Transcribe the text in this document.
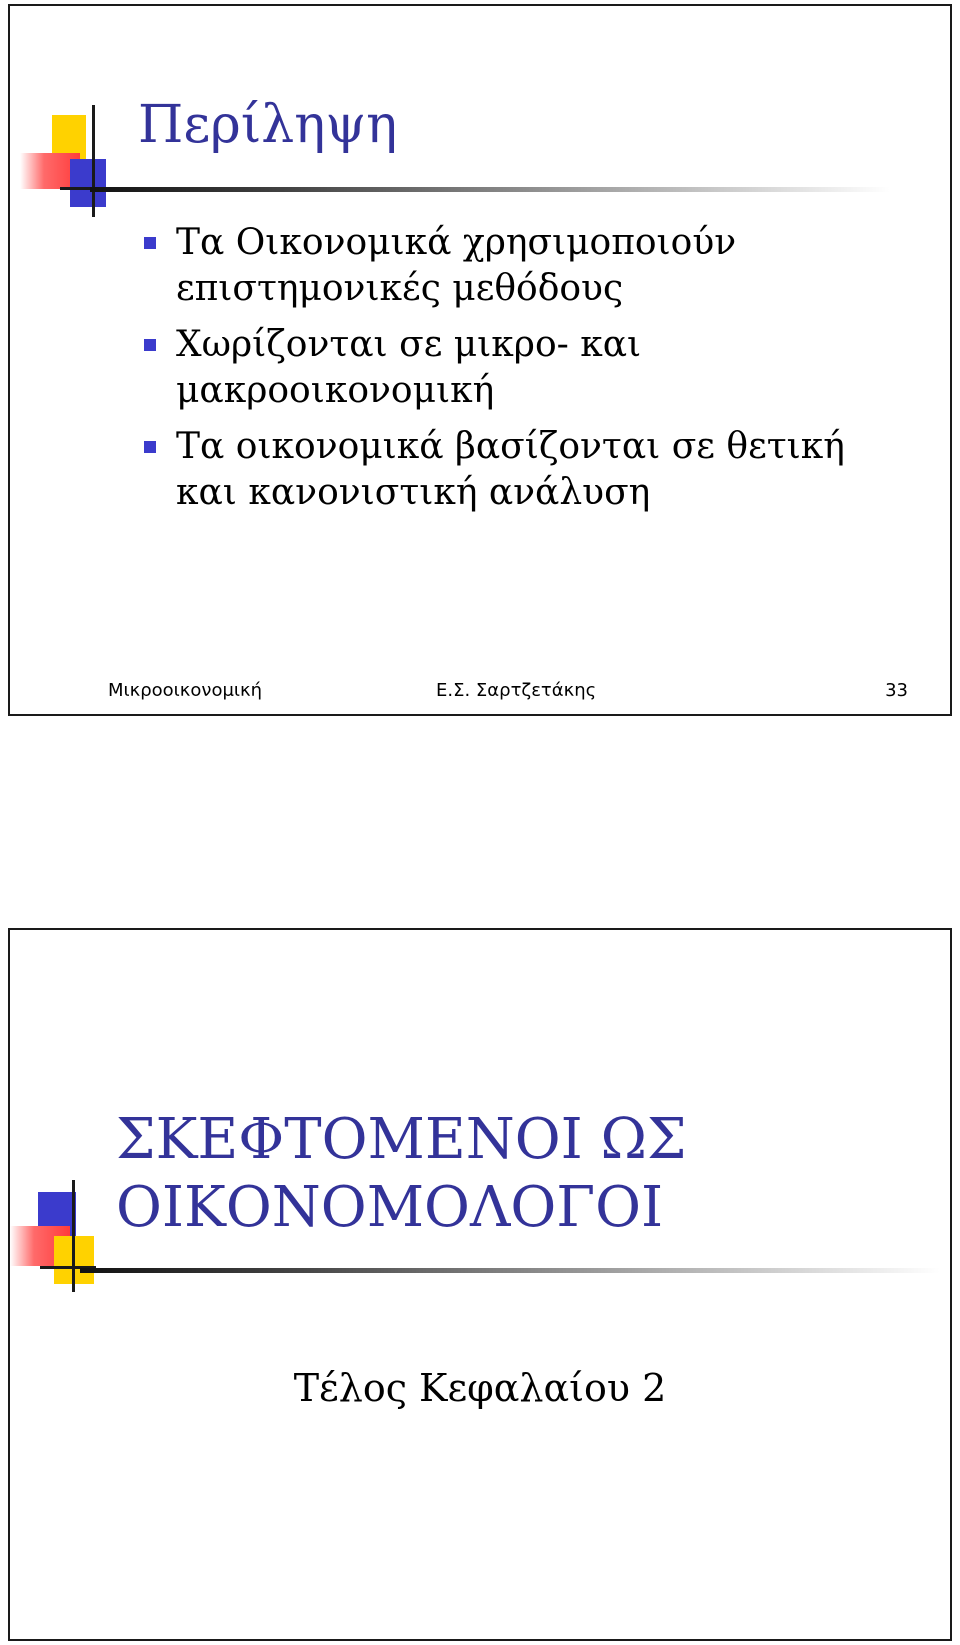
Περίληψη
Τα Οικονομικά χρησιμοποιούν επιστημονικές μεθόδους
Χωρίζονται σε μικρο- και μακροοικονομική
Τα οικονομικά βασίζονται σε θετική και κανονιστική ανάλυση
Μικροοικονομική	Ε.Σ. Σαρτζετάκης	33
ΣΚΕΦΤΟΜΕΝΟΙ ΩΣ
ΟΙΚΟΝΟΜΟΛΟΓΟΙ
Τέλος Κεφαλαίου 2
